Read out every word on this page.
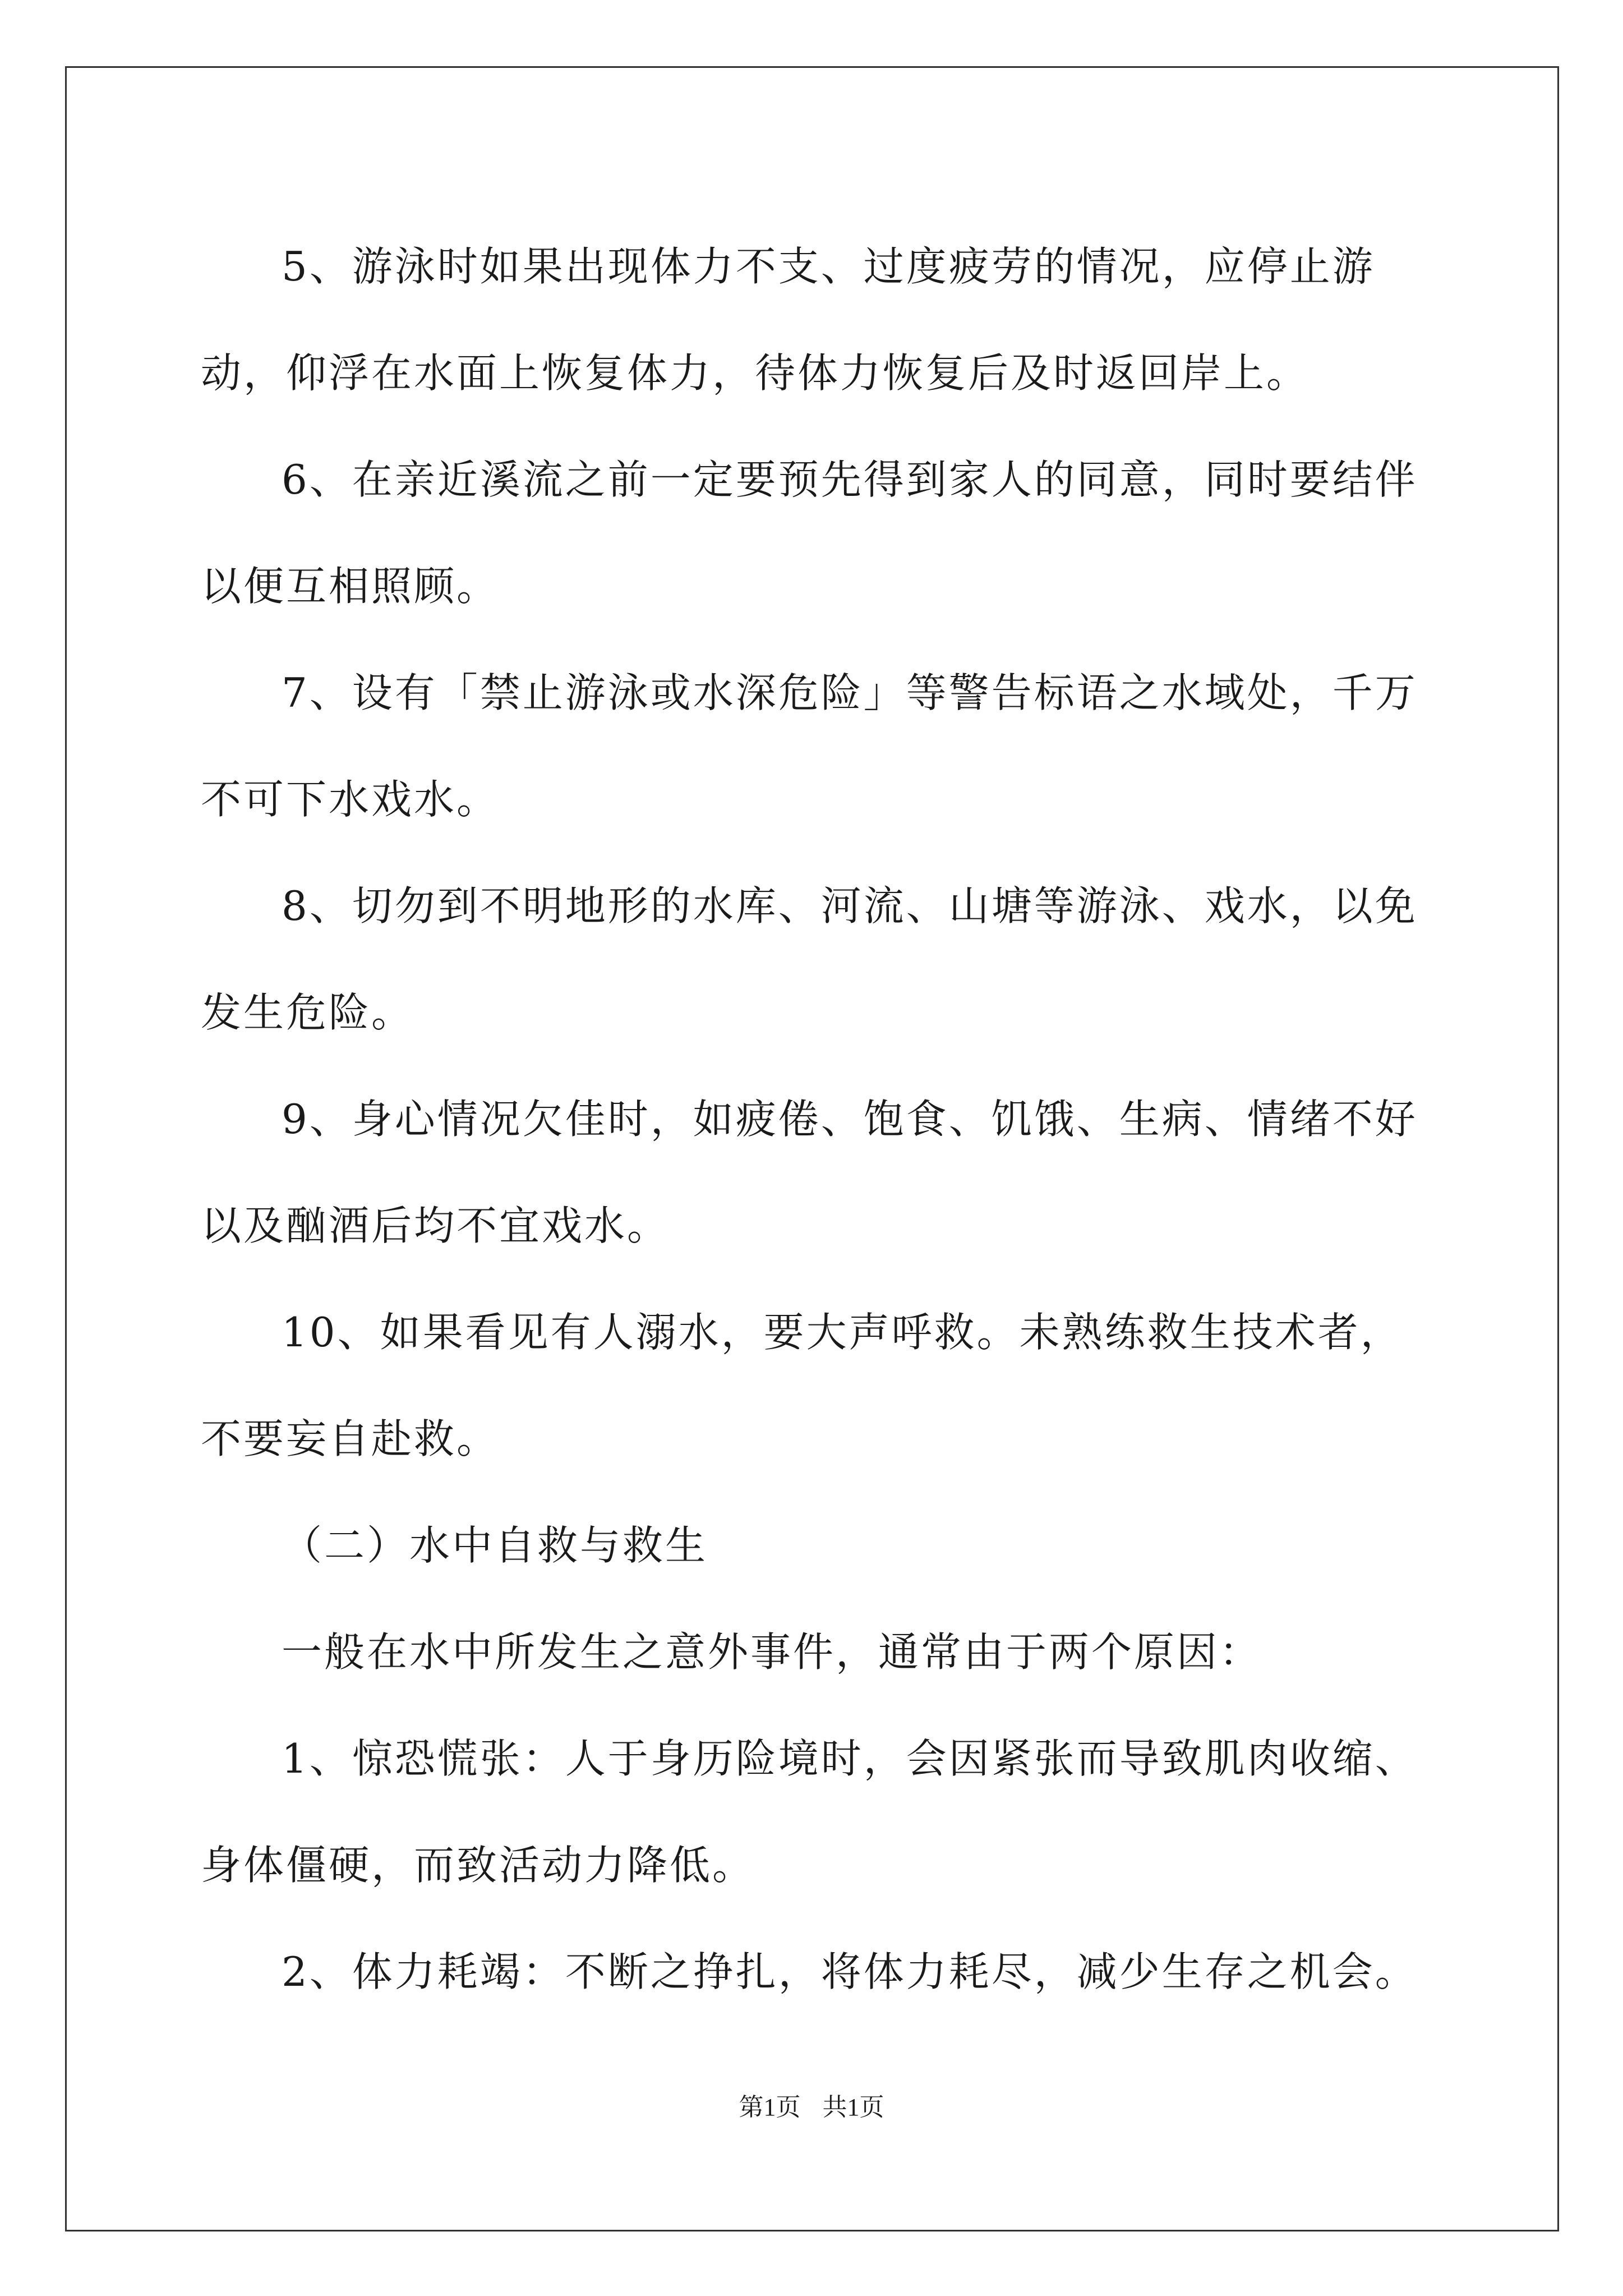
5、游泳时如果出现体力不支、过度疲劳的情况，应停止游动，仰浮在水面上恢复体力，待体力恢复后及时返回岸上。

6、在亲近溪流之前一定要预先得到家人的同意，同时要结伴以便互相照顾。

7、设有「禁止游泳或水深危险」等警告标语之水域处，千万不可下水戏水。

8、切勿到不明地形的水库、河流、山塘等游泳、戏水，以免发生危险。

9、身心情况欠佳时，如疲倦、饱食、饥饿、生病、情绪不好以及酗酒后均不宜戏水。

10、如果看见有人溺水，要大声呼救。未熟练救生技术者，不要妄自赴救。

（二）水中自救与救生

一般在水中所发生之意外事件，通常由于两个原因：

1、惊恐慌张：人于身历险境时，会因紧张而导致肌肉收缩、身体僵硬，而致活动力降低。

2、体力耗竭：不断之挣扎，将体力耗尽，减少生存之机会。

第1页 共1页
